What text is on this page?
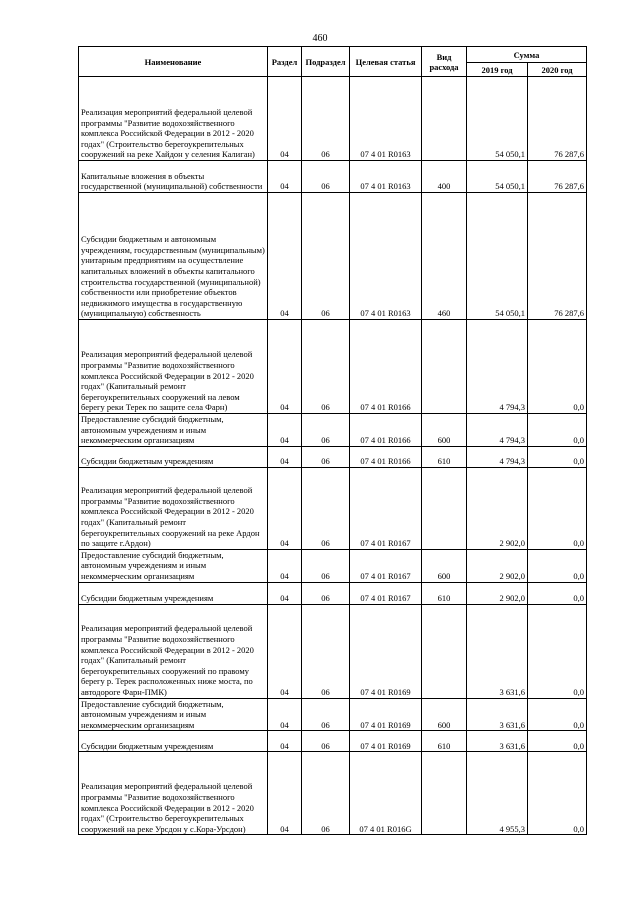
460
Наименование	Раздел	Подраздел	Целевая статья	Вид расхода	Сумма	
					2019 год	2020 год
Реализация мероприятий федеральной целевой программы "Развитие водохозяйственного комплекса Российской Федерации в 2012 - 2020 годах" (Строительство берегоукрепительных сооружений на реке Хайдон у селения Калиган)	04	06	07 4 01 R0163		54 050,1	76 287,6
Капитальные вложения в объекты государственной (муниципальной) собственности	04	06	07 4 01 R0163	400	54 050,1	76 287,6
Субсидии бюджетным и автономным учреждениям, государственным (муниципальным) унитарным предприятиям на осуществление капитальных вложений в объекты капитального строительства государственной (муниципальной) собственности или приобретение объектов недвижимого имущества в государственную (муниципальную) собственность	04	06	07 4 01 R0163	460	54 050,1	76 287,6
Реализация мероприятий федеральной целевой программы "Развитие водохозяйственного комплекса Российской Федерации в 2012 - 2020 годах" (Капитальный ремонт берегоукрепительных сооружений на левом берегу реки Терек по защите села Фарн)	04	06	07 4 01 R0166		4 794,3	0,0
Предоставление субсидий бюджетным, автономным учреждениям и иным некоммерческим организациям	04	06	07 4 01 R0166	600	4 794,3	0,0
Субсидии бюджетным учреждениям	04	06	07 4 01 R0166	610	4 794,3	0,0
Реализация мероприятий федеральной целевой программы "Развитие водохозяйственного комплекса Российской Федерации в 2012 - 2020 годах" (Капитальный ремонт берегоукрепительных сооружений на реке Ардон по защите г.Ардон)	04	06	07 4 01 R0167		2 902,0	0,0
Предоставление субсидий бюджетным, автономным учреждениям и иным некоммерческим организациям	04	06	07 4 01 R0167	600	2 902,0	0,0
Субсидии бюджетным учреждениям	04	06	07 4 01 R0167	610	2 902,0	0,0
Реализация мероприятий федеральной целевой программы "Развитие водохозяйственного комплекса Российской Федерации в 2012 - 2020 годах" (Капитальный ремонт берегоукрепительных сооружений по правому берегу р. Терек расположенных ниже моста, по автодороге Фарн-ПМК)	04	06	07 4 01 R0169		3 631,6	0,0
Предоставление субсидий бюджетным, автономным учреждениям и иным некоммерческим организациям	04	06	07 4 01 R0169	600	3 631,6	0,0
Субсидии бюджетным учреждениям	04	06	07 4 01 R0169	610	3 631,6	0,0
Реализация мероприятий федеральной целевой программы "Развитие водохозяйственного комплекса Российской Федерации в 2012 - 2020 годах" (Строительство берегоукрепительных сооружений на реке Урсдон у с.Кора-Урсдон)	04	06	07 4 01 R016G		4 955,3	0,0
